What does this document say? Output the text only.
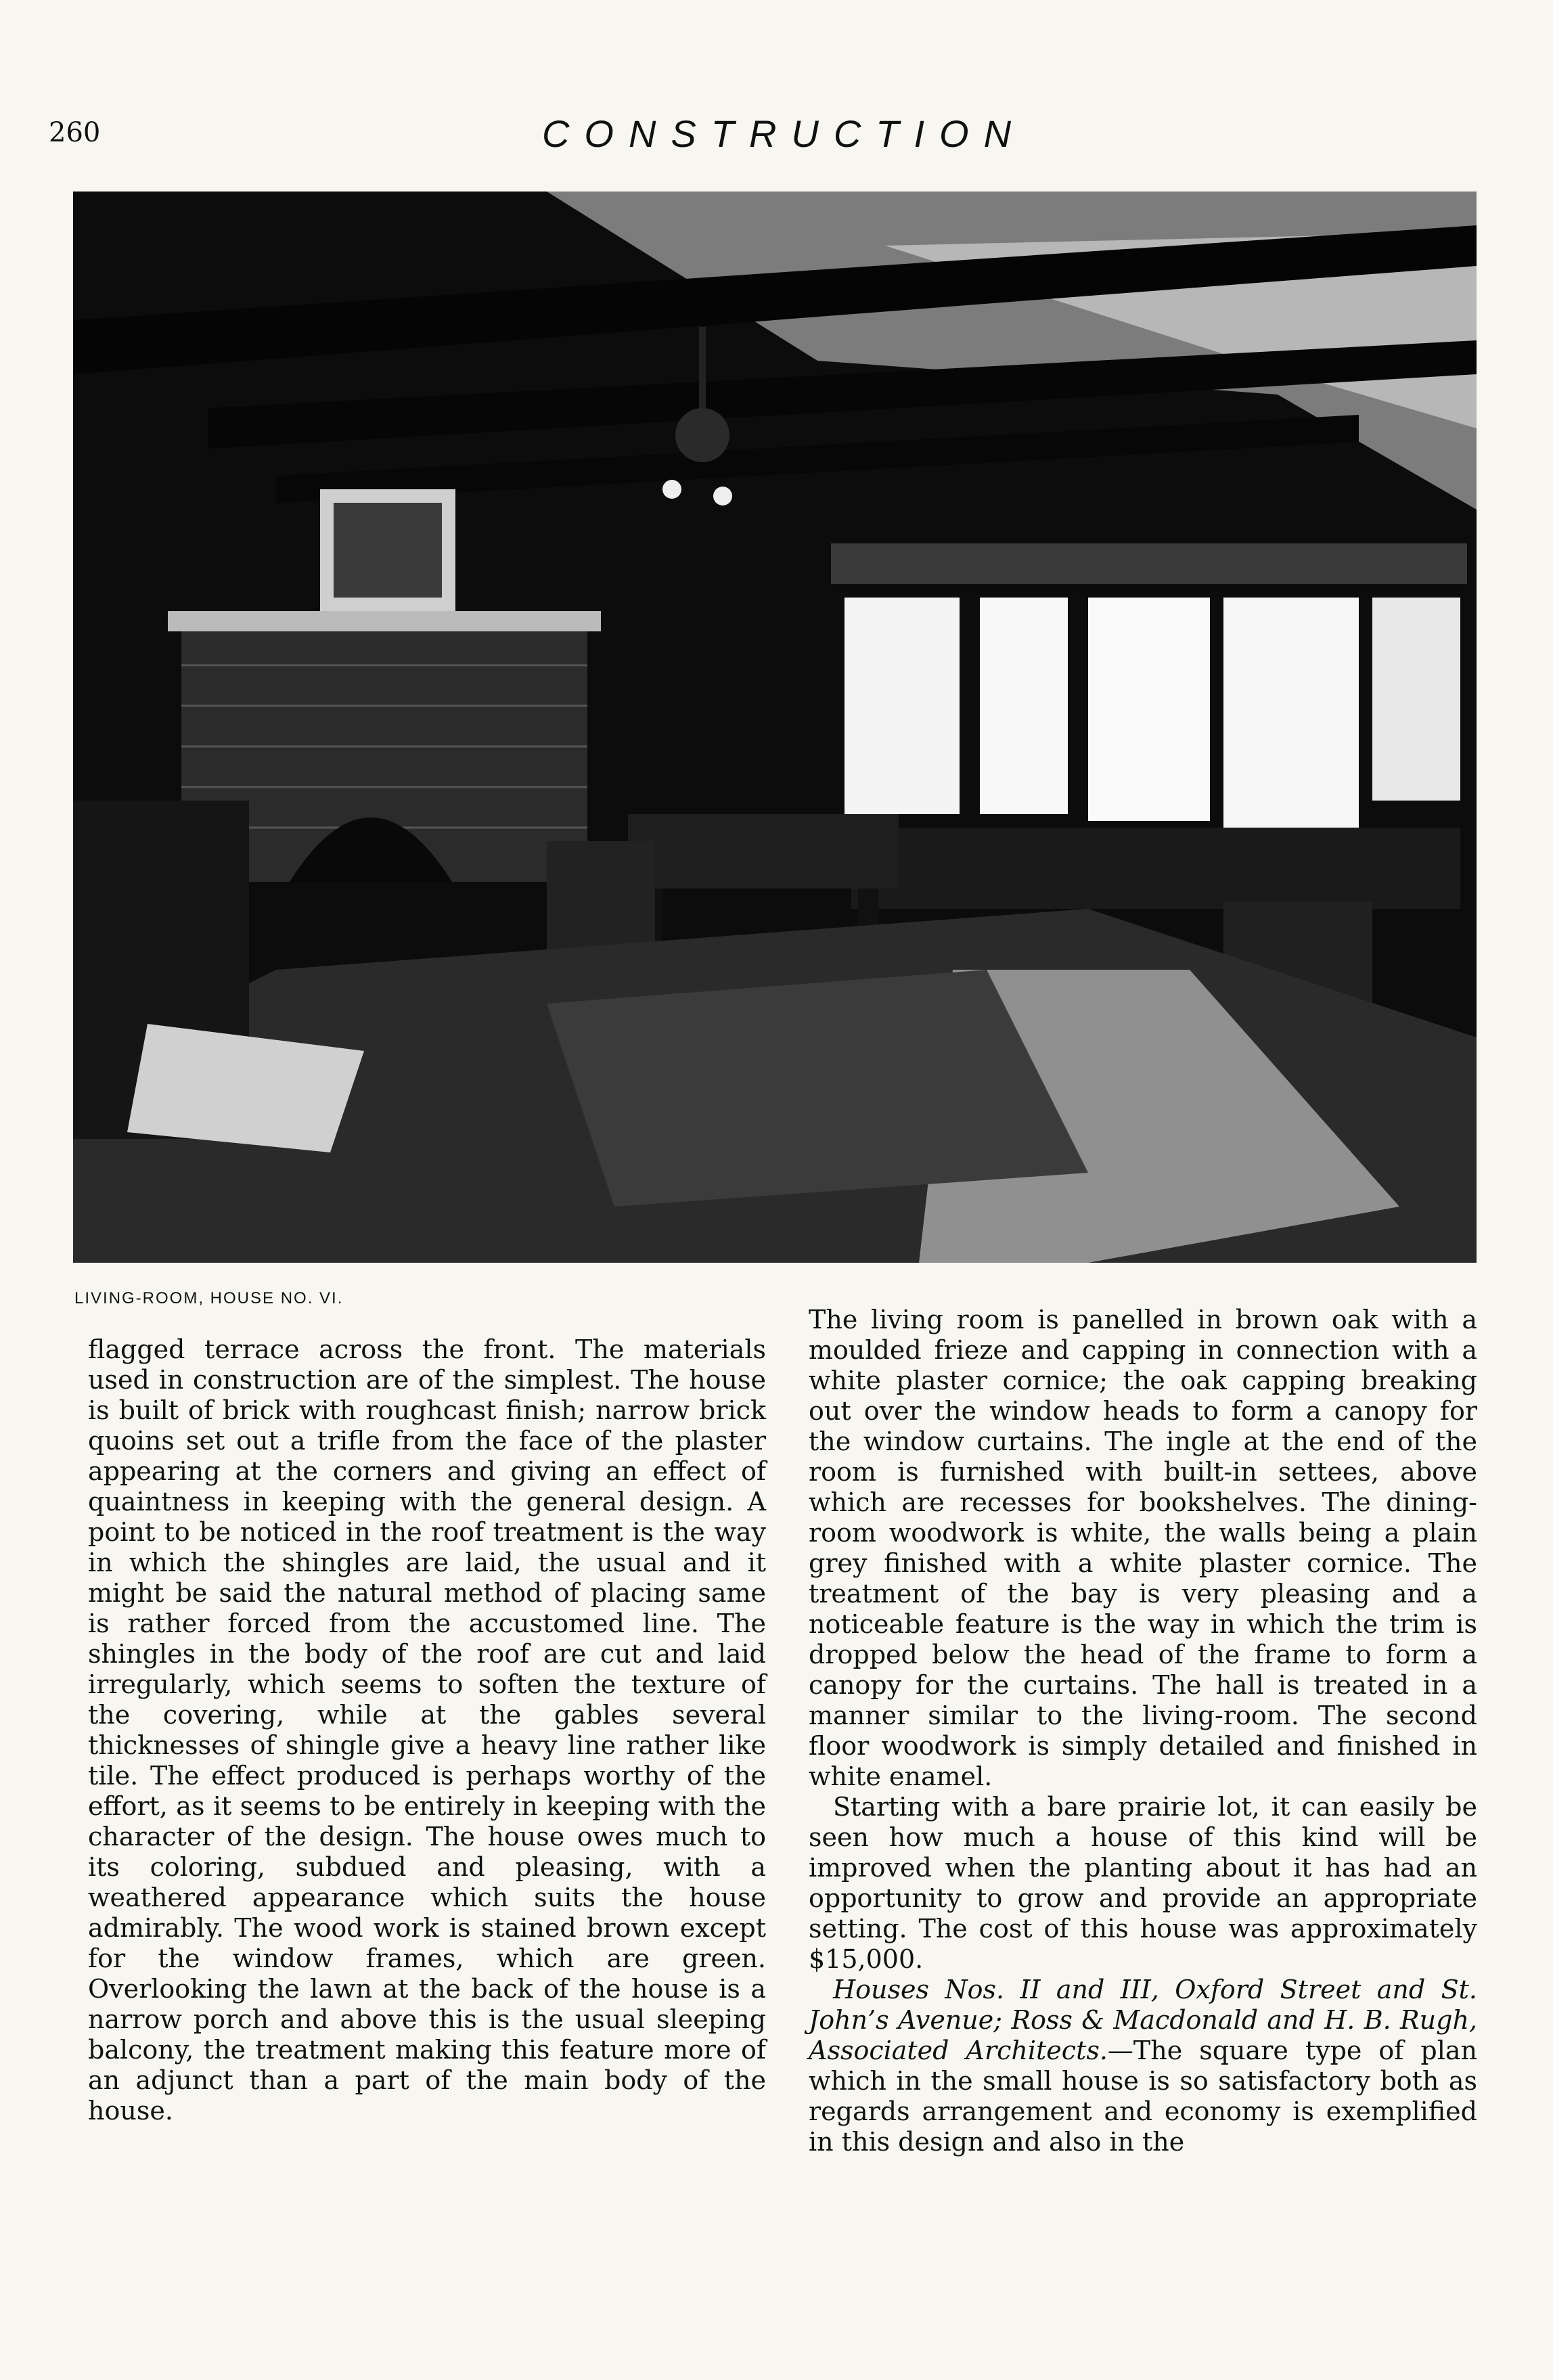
260	CONSTRUCTION
LIVING-ROOM, HOUSE NO. VI.

flagged terrace across the front. The materials used in construction are of the simplest. The house is built of brick with roughcast finish; narrow brick quoins set out a trifle from the face of the plaster appearing at the corners and giving an effect of quaintness in keeping with the general design. A point to be noticed in the roof treatment is the way in which the shingles are laid, the usual and it might be said the natural method of placing same is rather forced from the accustomed line. The shingles in the body of the roof are cut and laid irregularly, which seems to soften the texture of the covering, while at the gables several thicknesses of shingle give a heavy line rather like tile. The effect produced is perhaps worthy of the effort, as it seems to be entirely in keeping with the character of the design. The house owes much to its coloring, subdued and pleasing, with a weathered appearance which suits the house admirably. The wood work is stained brown except for the window frames, which are green. Overlooking the lawn at the back of the house is a narrow porch and above this is the usual sleeping balcony, the treatment making this feature more of an adjunct than a part of the main body of the house.

The living room is panelled in brown oak with a moulded frieze and capping in connection with a white plaster cornice; the oak capping breaking out over the window heads to form a canopy for the window curtains. The ingle at the end of the room is furnished with built-in settees, above which are recesses for bookshelves. The dining-room woodwork is white, the walls being a plain grey finished with a white plaster cornice. The treatment of the bay is very pleasing and a noticeable feature is the way in which the trim is dropped below the head of the frame to form a canopy for the curtains. The hall is treated in a manner similar to the living-room. The second floor woodwork is simply detailed and finished in white enamel.

Starting with a bare prairie lot, it can easily be seen how much a house of this kind will be improved when the planting about it has had an opportunity to grow and provide an appropriate setting. The cost of this house was approximately $15,000.

Houses Nos. II and III, Oxford Street and St. John’s Avenue; Ross & Macdonald and H. B. Rugh, Associated Architects.—The square type of plan which in the small house is so satisfactory both as regards arrangement and economy is exemplified in this design and also in the
